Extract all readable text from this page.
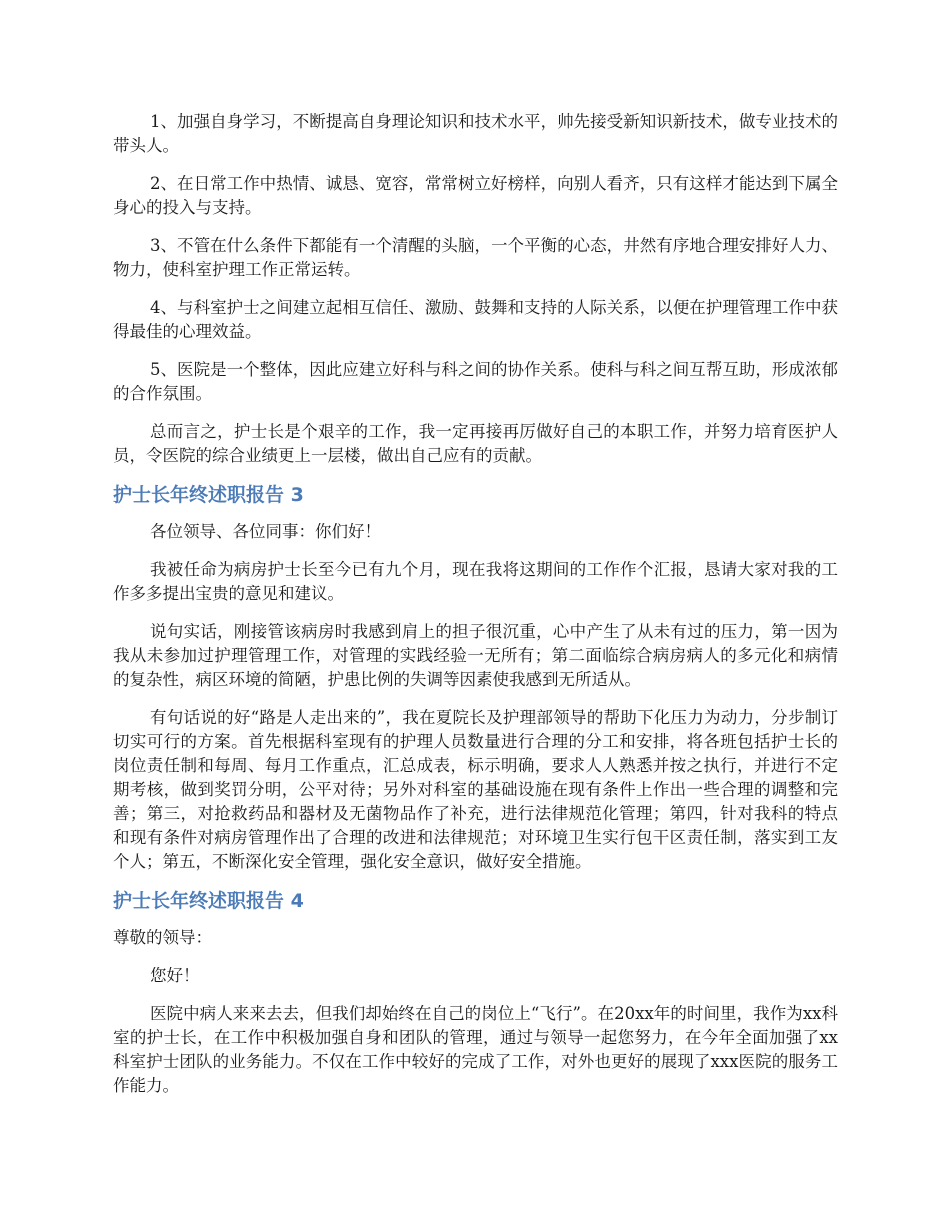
1、加强自身学习，不断提高自身理论知识和技术水平，帅先接受新知识新技术，做专业技术的带头人。

2、在日常工作中热情、诚恳、宽容，常常树立好榜样，向别人看齐，只有这样才能达到下属全身心的投入与支持。

3、不管在什么条件下都能有一个清醒的头脑，一个平衡的心态，井然有序地合理安排好人力、物力，使科室护理工作正常运转。

4、与科室护士之间建立起相互信任、激励、鼓舞和支持的人际关系，以便在护理管理工作中获得最佳的心理效益。

5、医院是一个整体，因此应建立好科与科之间的协作关系。使科与科之间互帮互助，形成浓郁的合作氛围。

总而言之，护士长是个艰辛的工作，我一定再接再厉做好自己的本职工作，并努力培育医护人员，令医院的综合业绩更上一层楼，做出自己应有的贡献。

护士长年终述职报告 3

各位领导、各位同事：你们好！

我被任命为病房护士长至今已有九个月，现在我将这期间的工作作个汇报，恳请大家对我的工作多多提出宝贵的意见和建议。

说句实话，刚接管该病房时我感到肩上的担子很沉重，心中产生了从未有过的压力，第一因为我从未参加过护理管理工作，对管理的实践经验一无所有；第二面临综合病房病人的多元化和病情的复杂性，病区环境的简陋，护患比例的失调等因素使我感到无所适从。

有句话说的好“路是人走出来的”，我在夏院长及护理部领导的帮助下化压力为动力，分步制订切实可行的方案。首先根据科室现有的护理人员数量进行合理的分工和安排，将各班包括护士长的岗位责任制和每周、每月工作重点，汇总成表，标示明确，要求人人熟悉并按之执行，并进行不定期考核，做到奖罚分明，公平对待；另外对科室的基础设施在现有条件上作出一些合理的调整和完善；第三，对抢救药品和器材及无菌物品作了补充，进行法律规范化管理；第四，针对我科的特点和现有条件对病房管理作出了合理的改进和法律规范；对环境卫生实行包干区责任制，落实到工友个人；第五，不断深化安全管理，强化安全意识，做好安全措施。

护士长年终述职报告 4

尊敬的领导：

您好！

医院中病人来来去去，但我们却始终在自己的岗位上“飞行”。在20xx年的时间里，我作为xx科室的护士长，在工作中积极加强自身和团队的管理，通过与领导一起您努力，在今年全面加强了xx科室护士团队的业务能力。不仅在工作中较好的完成了工作，对外也更好的展现了xxx医院的服务工作能力。
